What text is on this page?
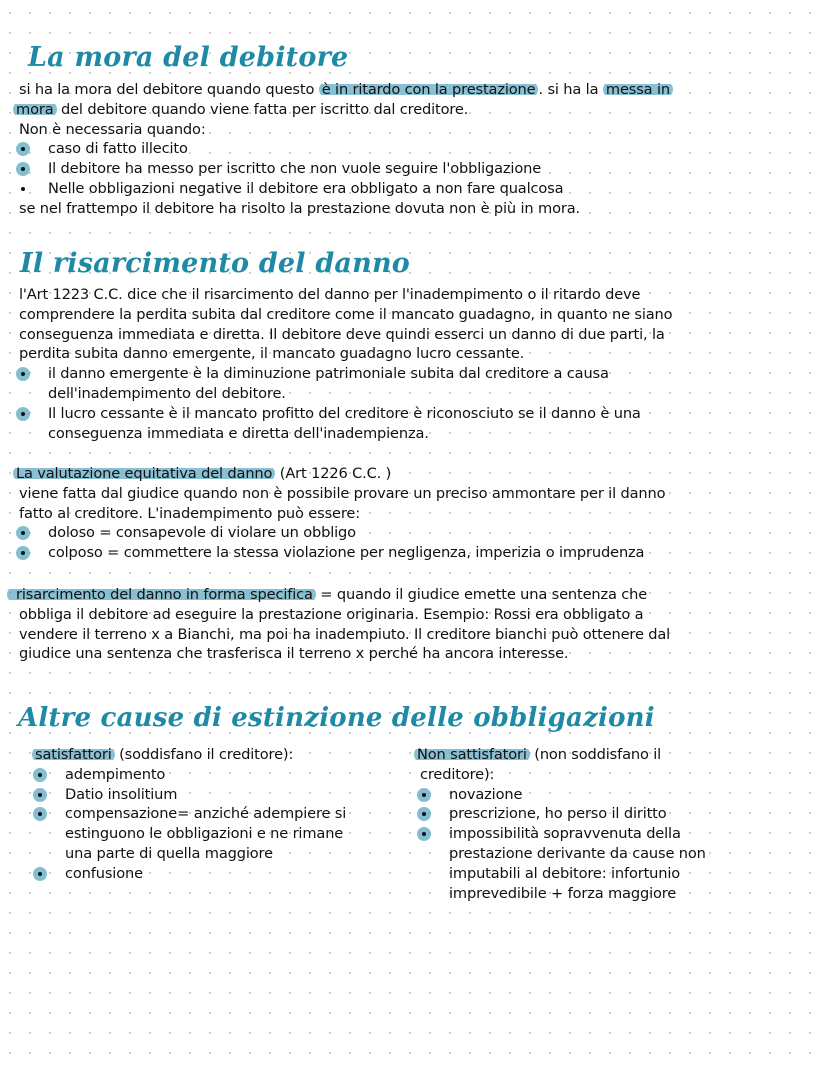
La mora del debitore
si ha la mora del debitore quando questo è in ritardo con la prestazione . si ha la messa in
mora del debitore quando viene fatta per iscritto dal creditore.
Non è necessaria quando:
caso di fatto illecito
Il debitore ha messo per iscritto che non vuole seguire l'obbligazione
Nelle obbligazioni negative il debitore era obbligato a non fare qualcosa
se nel frattempo il debitore ha risolto la prestazione dovuta non è più in mora.
Il risarcimento del danno
l'Art 1223 C.C. dice che il risarcimento del danno per l'inadempimento o il ritardo deve
comprendere la perdita subita dal creditore come il mancato guadagno, in quanto ne siano
conseguenza immediata e diretta. Il debitore deve quindi esserci un danno di due parti, la
perdita subita danno emergente, il mancato guadagno lucro cessante.
il danno emergente è la diminuzione patrimoniale subita dal creditore a causa
dell'inadempimento del debitore.
Il lucro cessante è il mancato profitto del creditore è riconosciuto se il danno è una
conseguenza immediata e diretta dell'inadempienza.
La valutazione equitativa del danno (Art 1226 C.C. )
viene fatta dal giudice quando non è possibile provare un preciso ammontare per il danno
fatto al creditore. L'inadempimento può essere:
doloso = consapevole di violare un obbligo
colposo = commettere la stessa violazione per negligenza, imperizia o imprudenza
risarcimento del danno in forma specifica = quando il giudice emette una sentenza che
obbliga il debitore ad eseguire la prestazione originaria. Esempio: Rossi era obbligato a
vendere il terreno x a Bianchi, ma poi ha inadempiuto. Il creditore bianchi può ottenere dal
giudice una sentenza che trasferisca il terreno x perché ha ancora interesse.
Altre cause di estinzione delle obbligazioni
satisfattori (soddisfano il creditore):
adempimento
Datio insolitium
compensazione= anziché adempiere si
estinguono le obbligazioni e ne rimane
una parte di quella maggiore
confusione
Non sattisfatori (non soddisfano il
creditore):
novazione
prescrizione, ho perso il diritto
impossibilità sopravvenuta della
prestazione derivante da cause non
imputabili al debitore: infortunio
imprevedibile + forza maggiore
